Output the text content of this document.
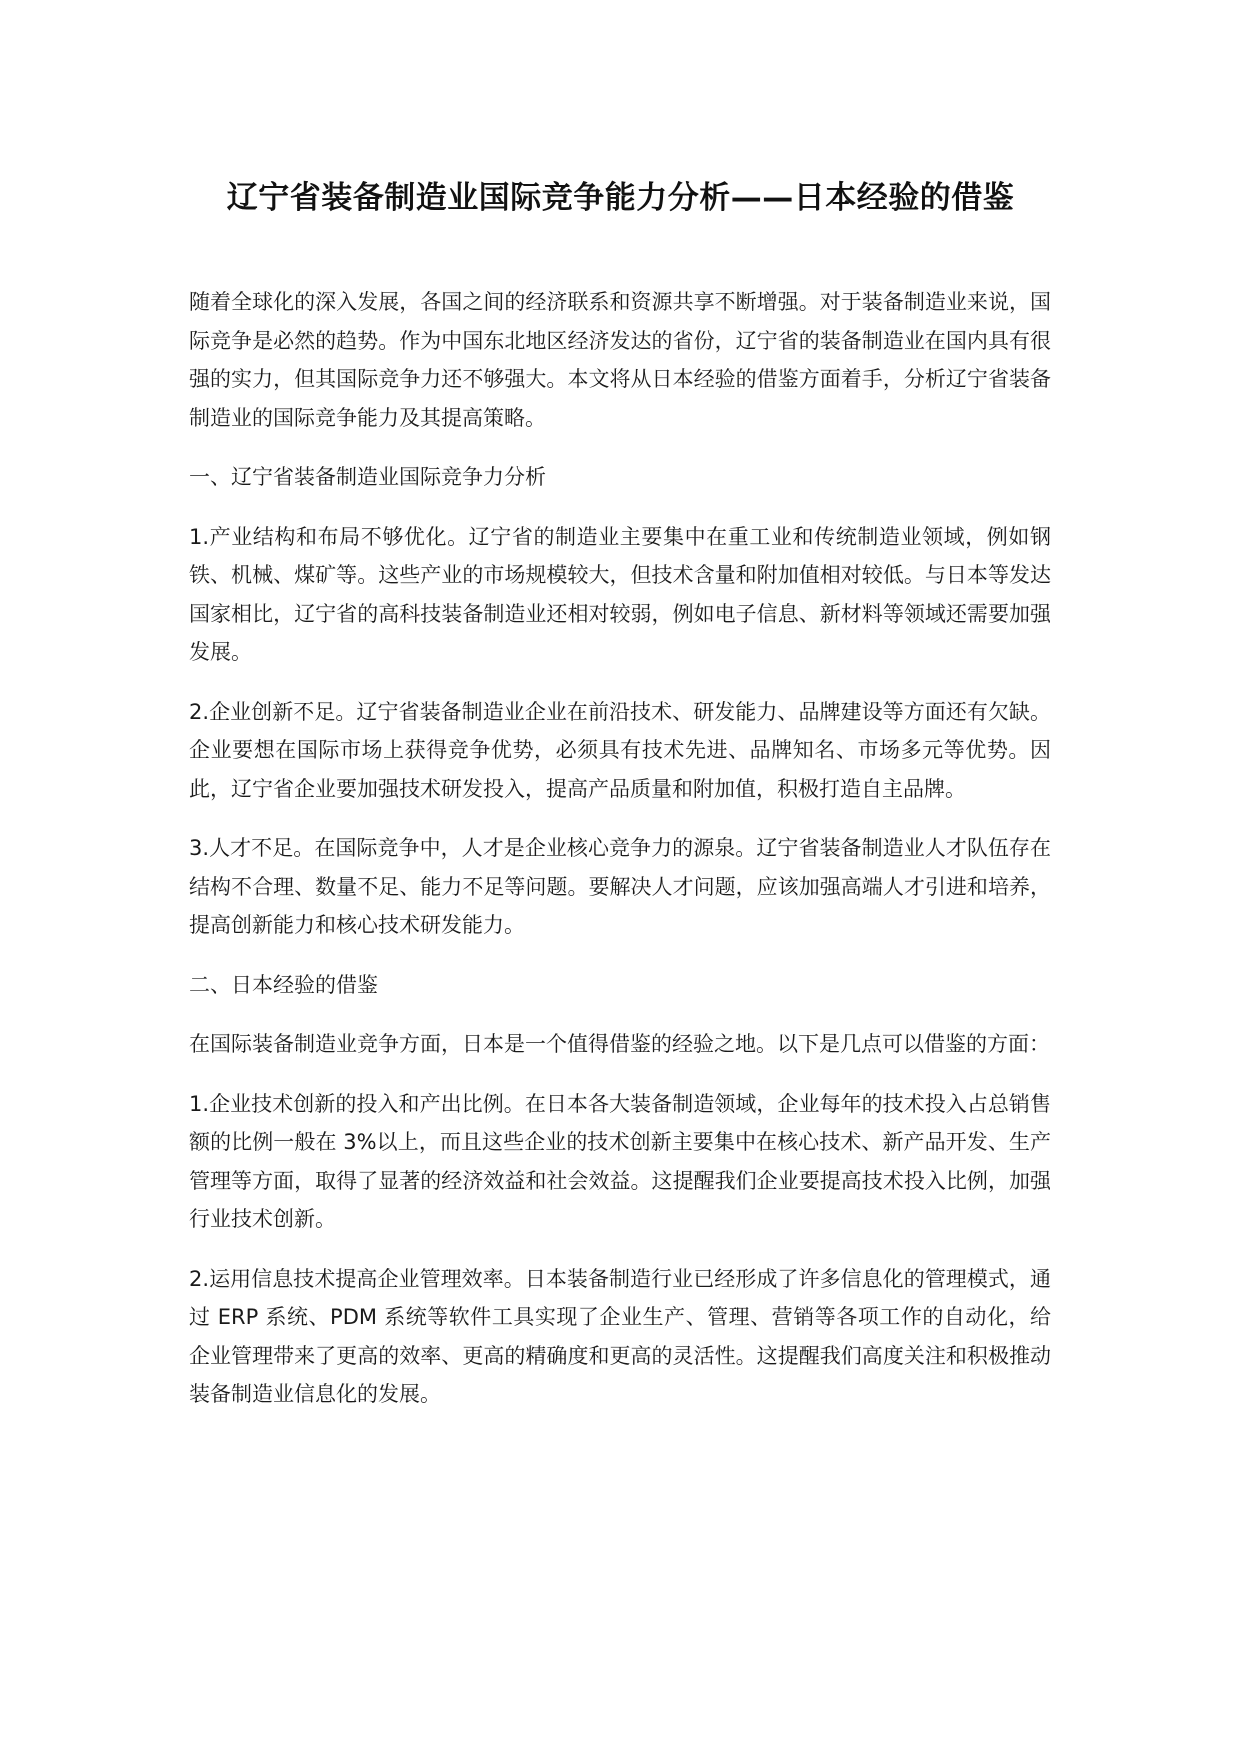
辽宁省装备制造业国际竞争能力分析——日本经验的借鉴

随着全球化的深入发展，各国之间的经济联系和资源共享不断增强。对于装备制造业来说，国际竞争是必然的趋势。作为中国东北地区经济发达的省份，辽宁省的装备制造业在国内具有很强的实力，但其国际竞争力还不够强大。本文将从日本经验的借鉴方面着手，分析辽宁省装备制造业的国际竞争能力及其提高策略。

一、辽宁省装备制造业国际竞争力分析

1.产业结构和布局不够优化。辽宁省的制造业主要集中在重工业和传统制造业领域，例如钢铁、机械、煤矿等。这些产业的市场规模较大，但技术含量和附加值相对较低。与日本等发达国家相比，辽宁省的高科技装备制造业还相对较弱，例如电子信息、新材料等领域还需要加强发展。

2.企业创新不足。辽宁省装备制造业企业在前沿技术、研发能力、品牌建设等方面还有欠缺。企业要想在国际市场上获得竞争优势，必须具有技术先进、品牌知名、市场多元等优势。因此，辽宁省企业要加强技术研发投入，提高产品质量和附加值，积极打造自主品牌。

3.人才不足。在国际竞争中，人才是企业核心竞争力的源泉。辽宁省装备制造业人才队伍存在结构不合理、数量不足、能力不足等问题。要解决人才问题，应该加强高端人才引进和培养，提高创新能力和核心技术研发能力。

二、日本经验的借鉴

在国际装备制造业竞争方面，日本是一个值得借鉴的经验之地。以下是几点可以借鉴的方面：

1.企业技术创新的投入和产出比例。在日本各大装备制造领域，企业每年的技术投入占总销售额的比例一般在 3%以上，而且这些企业的技术创新主要集中在核心技术、新产品开发、生产管理等方面，取得了显著的经济效益和社会效益。这提醒我们企业要提高技术投入比例，加强行业技术创新。

2.运用信息技术提高企业管理效率。日本装备制造行业已经形成了许多信息化的管理模式，通过 ERP 系统、PDM 系统等软件工具实现了企业生产、管理、营销等各项工作的自动化，给企业管理带来了更高的效率、更高的精确度和更高的灵活性。这提醒我们高度关注和积极推动装备制造业信息化的发展。
